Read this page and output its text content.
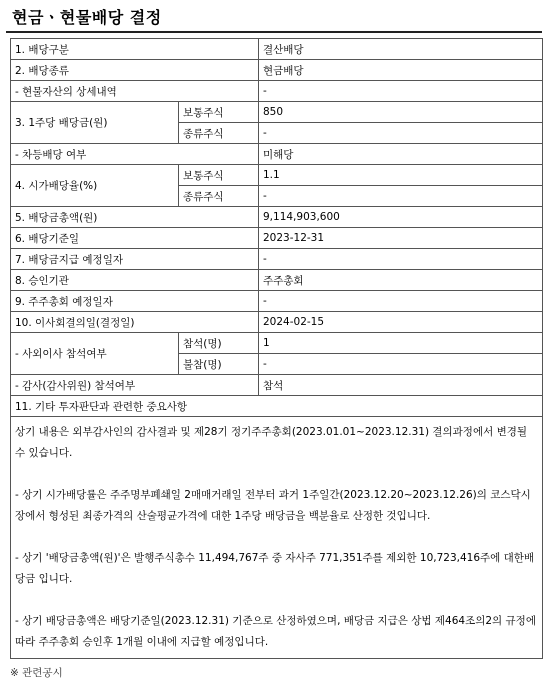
현금ㆍ현물배당 결정
1. 배당구분		결산배당
2. 배당종류		현금배당
- 현물자산의 상세내역		-
3. 1주당 배당금(원)	보통주식	850
	종류주식	-
- 차등배당 여부		미해당
4. 시가배당율(%)	보통주식	1.1
	종류주식	-
5. 배당금총액(원)		9,114,903,600
6. 배당기준일		2023-12-31
7. 배당금지급 예정일자		-
8. 승인기관		주주총회
9. 주주총회 예정일자		-
10. 이사회결의일(결정일)		2024-02-15
- 사외이사 참석여부	참석(명)	1
	불참(명)	-
- 감사(감사위원) 참석여부		참석
11. 기타 투자판단과 관련한 중요사항		

상기 내용은 외부감사인의 감사결과 및 제28기 정기주주총회(2023.01.01~2023.12.31) 결의과정에서 변경될 수 있습니다.

- 상기 시가배당률은 주주명부폐쇄일 2매매거래일 전부터 과거 1주일간(2023.12.20~2023.12.26)의 코스닥시장에서 형성된 최종가격의 산술평균가격에 대한 1주당 배당금을 백분율로 산정한 것입니다.

- 상기 '배당금총액(원)'은 발행주식총수 11,494,767주 중 자사주 771,351주를 제외한 10,723,416주에 대한배당금 입니다.

- 상기 배당금총액은 배당기준일(2023.12.31) 기준으로 산정하였으며, 배당금 지급은 상법 제464조의2의 규정에 따라 주주총회 승인후 1개월 이내에 지급할 예정입니다.		

※ 관련공시
